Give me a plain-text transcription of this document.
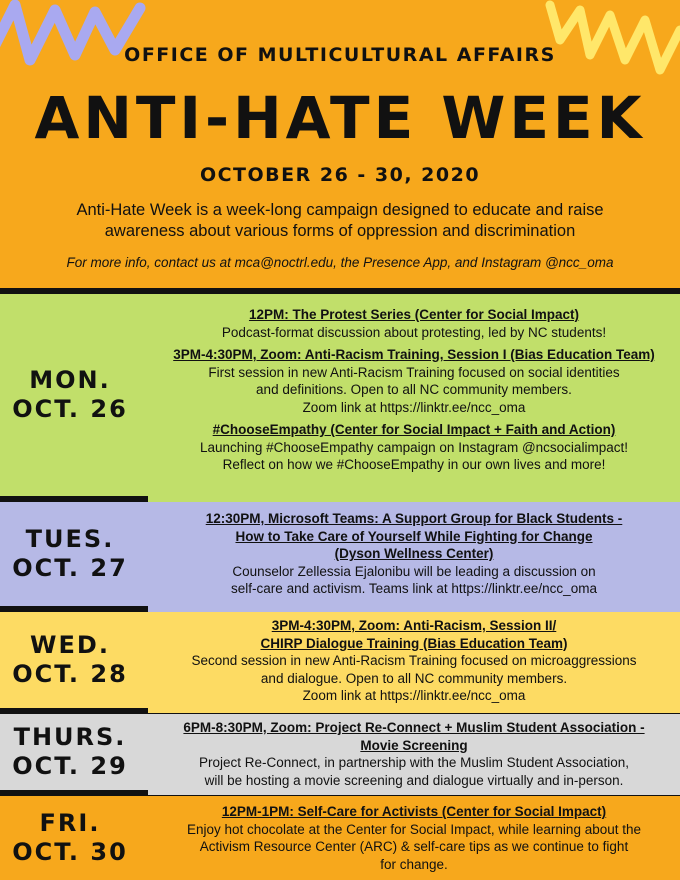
OFFICE OF MULTICULTURAL AFFAIRS
ANTI-HATE WEEK
OCTOBER 26 - 30, 2020
Anti-Hate Week is a week-long campaign designed to educate and raise awareness about various forms of oppression and discrimination
For more info, contact us at mca@noctrl.edu, the Presence App, and Instagram @ncc_oma
MON.
OCT. 26
12PM: The Protest Series (Center for Social Impact)
Podcast-format discussion about protesting, led by NC students!
3PM-4:30PM, Zoom: Anti-Racism Training, Session I (Bias Education Team)
First session in new Anti-Racism Training focused on social identities
and definitions. Open to all NC community members.
Zoom link at https://linktr.ee/ncc_oma
#ChooseEmpathy (Center for Social Impact + Faith and Action)
Launching #ChooseEmpathy campaign on Instagram @ncsocialimpact!
Reflect on how we #ChooseEmpathy in our own lives and more!
TUES.
OCT. 27
12:30PM, Microsoft Teams: A Support Group for Black Students -
How to Take Care of Yourself While Fighting for Change
(Dyson Wellness Center)
Counselor Zellessia Ejalonibu will be leading a discussion on
self-care and activism. Teams link at https://linktr.ee/ncc_oma
WED.
OCT. 28
3PM-4:30PM, Zoom: Anti-Racism, Session II/
CHIRP Dialogue Training (Bias Education Team)
Second session in new Anti-Racism Training focused on microaggressions
and dialogue. Open to all NC community members.
Zoom link at https://linktr.ee/ncc_oma
THURS.
OCT. 29
6PM-8:30PM, Zoom: Project Re-Connect + Muslim Student Association -
Movie Screening
Project Re-Connect, in partnership with the Muslim Student Association,
will be hosting a movie screening and dialogue virtually and in-person.
FRI.
OCT. 30
12PM-1PM: Self-Care for Activists (Center for Social Impact)
Enjoy hot chocolate at the Center for Social Impact, while learning about the
Activism Resource Center (ARC) & self-care tips as we continue to fight
for change.
